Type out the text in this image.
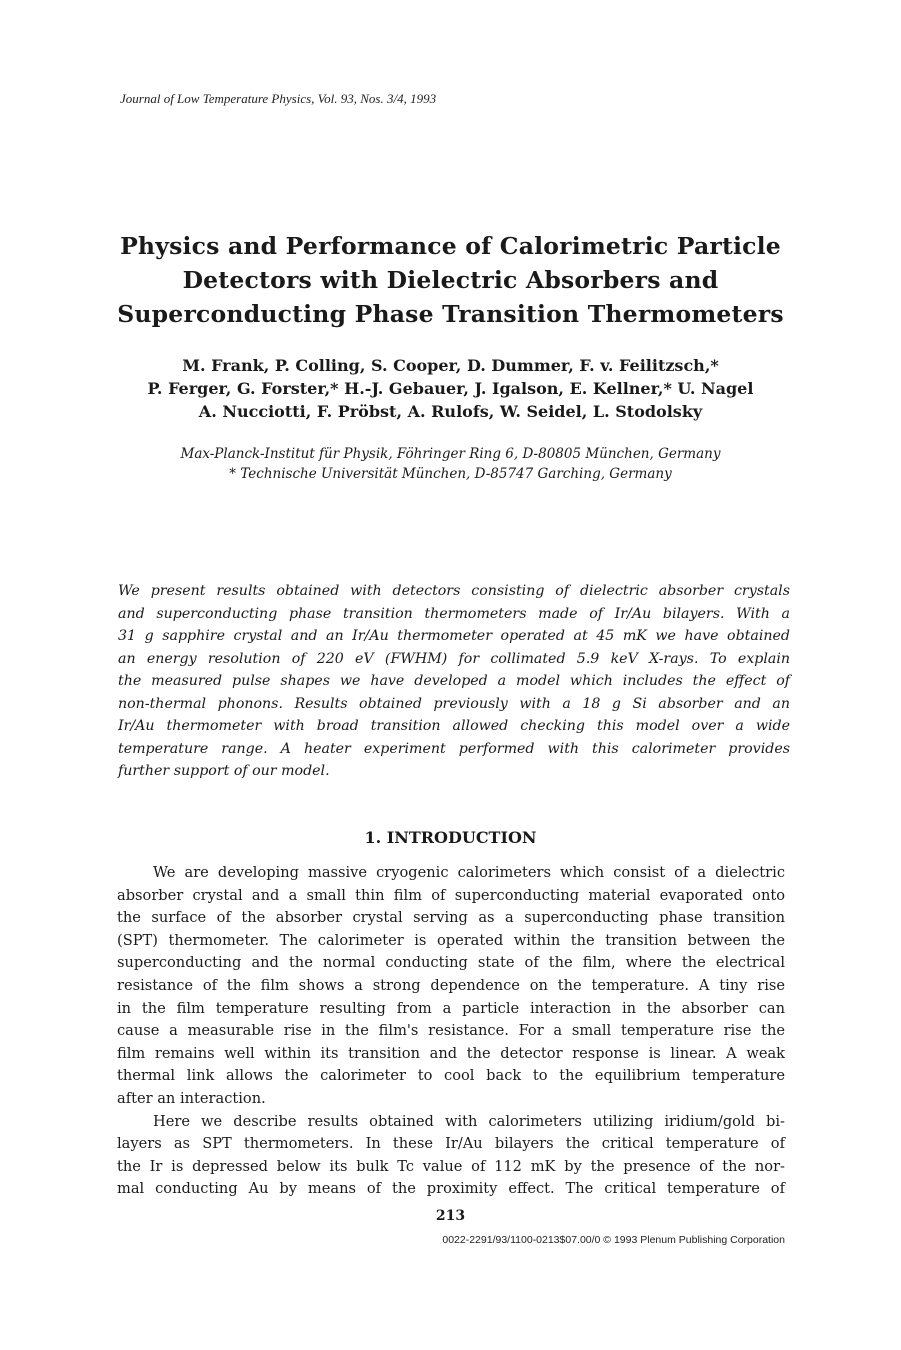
Journal of Low Temperature Physics, Vol. 93, Nos. 3/4, 1993
Physics and Performance of Calorimetric Particle
Detectors with Dielectric Absorbers and
Superconducting Phase Transition Thermometers
M. Frank, P. Colling, S. Cooper, D. Dummer, F. v. Feilitzsch,*
P. Ferger, G. Forster,* H.-J. Gebauer, J. Igalson, E. Kellner,* U. Nagel
A. Nucciotti, F. Pröbst, A. Rulofs, W. Seidel, L. Stodolsky
Max-Planck-Institut für Physik, Föhringer Ring 6, D-80805 München, Germany
* Technische Universität München, D-85747 Garching, Germany
We present results obtained with detectors consisting of dielectric absorber crystals
and superconducting phase transition thermometers made of Ir/Au bilayers. With a
31 g sapphire crystal and an Ir/Au thermometer operated at 45 mK we have obtained
an energy resolution of 220 eV (FWHM) for collimated 5.9 keV X-rays. To explain
the measured pulse shapes we have developed a model which includes the effect of
non-thermal phonons. Results obtained previously with a 18 g Si absorber and an
Ir/Au thermometer with broad transition allowed checking this model over a wide
temperature range. A heater experiment performed with this calorimeter provides
further support of our model.
1. INTRODUCTION
We are developing massive cryogenic calorimeters which consist of a dielectric
absorber crystal and a small thin film of superconducting material evaporated onto
the surface of the absorber crystal serving as a superconducting phase transition
(SPT) thermometer. The calorimeter is operated within the transition between the
superconducting and the normal conducting state of the film, where the electrical
resistance of the film shows a strong dependence on the temperature. A tiny rise
in the film temperature resulting from a particle interaction in the absorber can
cause a measurable rise in the film's resistance. For a small temperature rise the
film remains well within its transition and the detector response is linear. A weak
thermal link allows the calorimeter to cool back to the equilibrium temperature
after an interaction.
Here we describe results obtained with calorimeters utilizing iridium/gold bi-
layers as SPT thermometers. In these Ir/Au bilayers the critical temperature of
the Ir is depressed below its bulk Tc value of 112 mK by the presence of the nor-
mal conducting Au by means of the proximity effect. The critical temperature of
213
0022-2291/93/1100-0213$07.00/0 © 1993 Plenum Publishing Corporation
